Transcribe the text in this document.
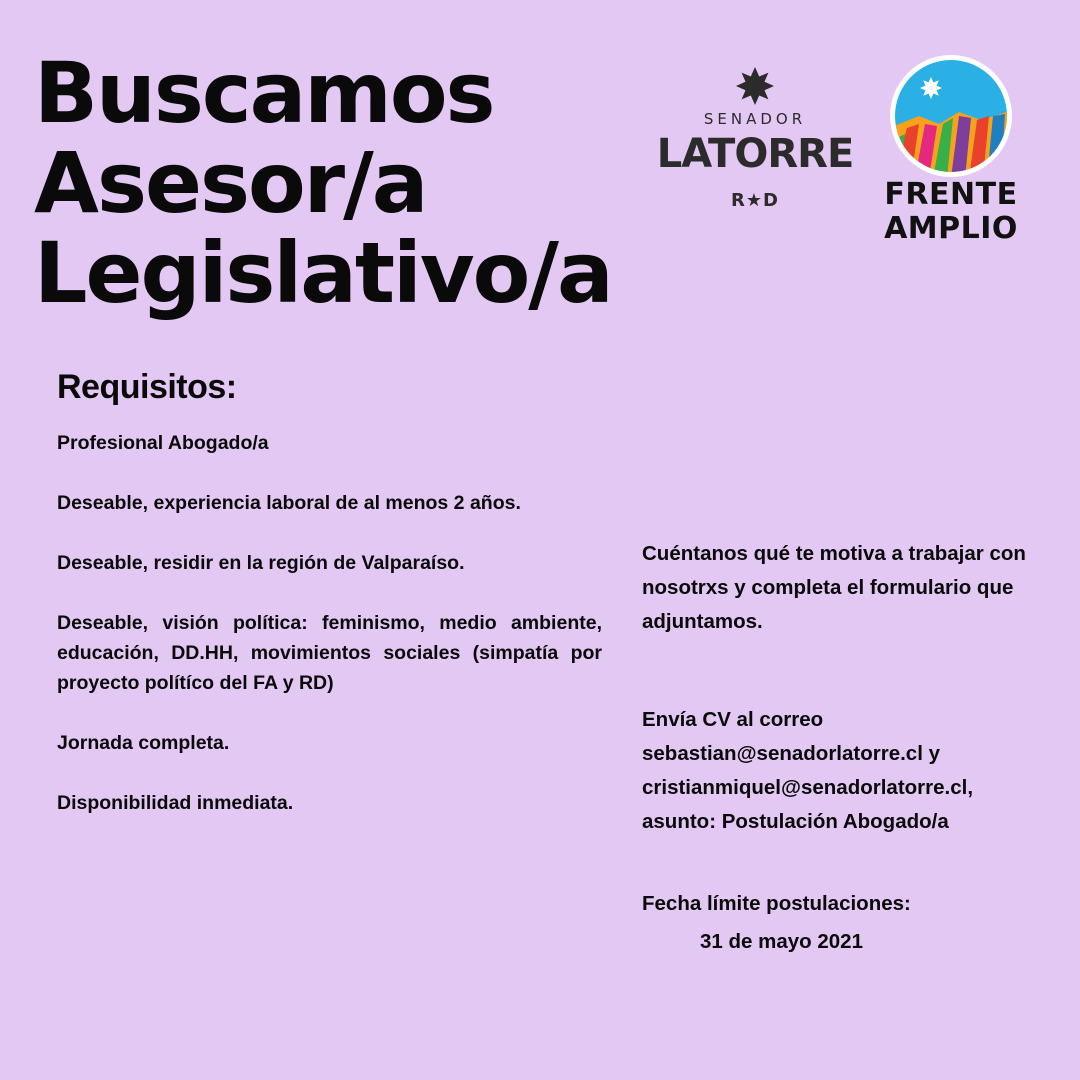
Buscamos
Asesor/a
Legislativo/a
SENADOR
LATORRE
R★D	FRENTE
AMPLIO
Requisitos:
Profesional Abogado/a
Deseable, experiencia laboral de al menos 2 años.
Deseable, residir en la región de Valparaíso.
Deseable, visión política: feminismo, medio ambiente, educación, DD.HH, movimientos sociales (simpatía por proyecto polítíco del FA y RD)
Jornada completa.
Disponibilidad inmediata.

Cuéntanos qué te motiva a trabajar con nosotrxs y completa el formulario que adjuntamos.

Envía CV al correo
sebastian@senadorlatorre.cl y
cristianmiquel@senadorlatorre.cl,
asunto: Postulación Abogado/a

Fecha límite postulaciones:

31 de mayo 2021
